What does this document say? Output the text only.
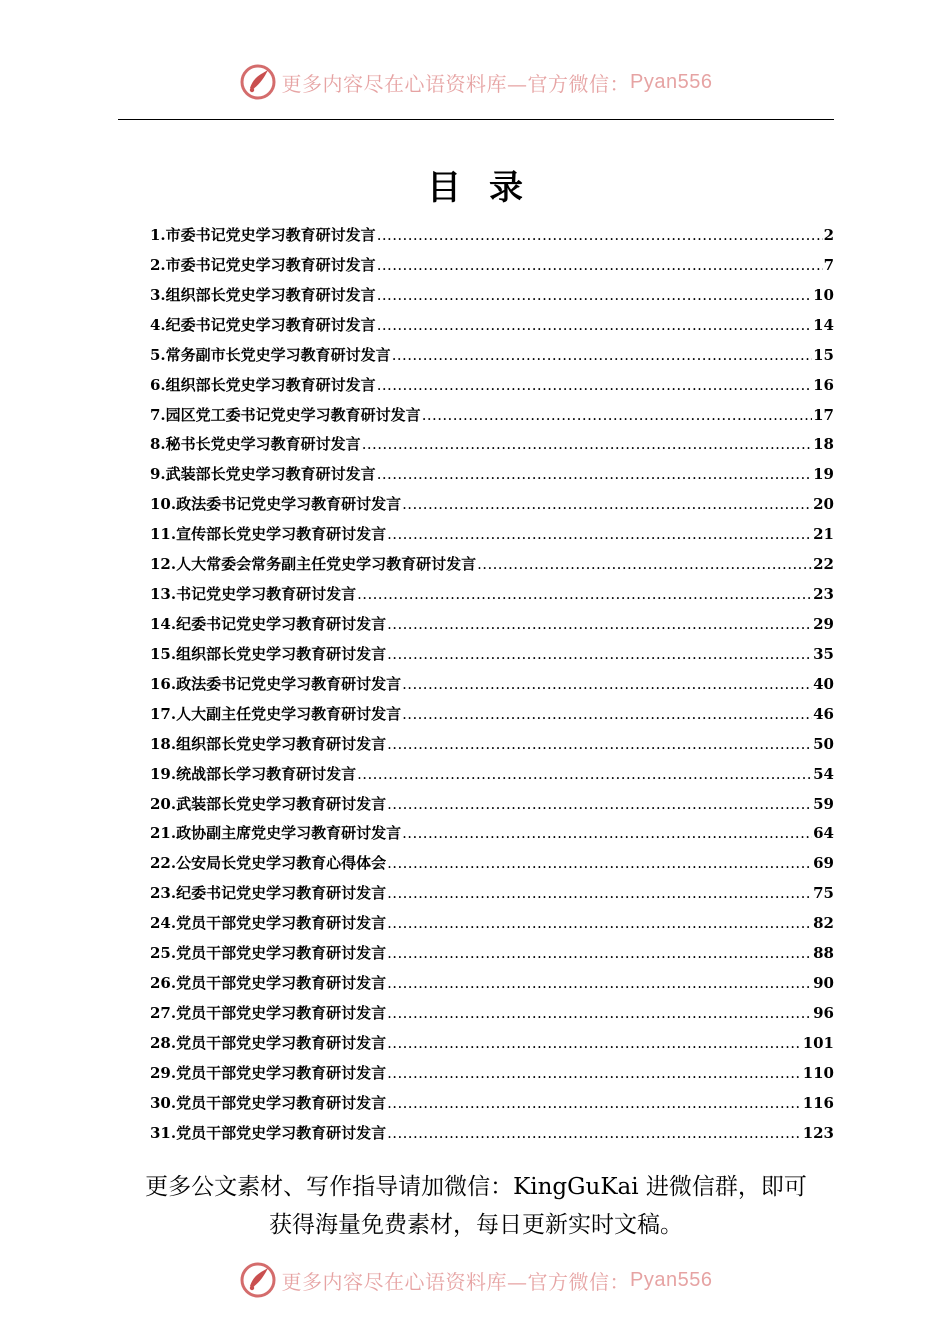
更多内容尽在心语资料库—官方微信： Pyan556
目录
1. 市委书记党史学习教育研讨发言 .....	2
2. 市委书记党史学习教育研讨发言 .....	7
3. 组织部长党史学习教育研讨发言 .....	10
4. 纪委书记党史学习教育研讨发言 .....	14
5. 常务副市长党史学习教育研讨发言 .....	15
6. 组织部长党史学习教育研讨发言 .....	16
7. 园区党工委书记党史学习教育研讨发言 .....	17
8. 秘书长党史学习教育研讨发言 .....	18
9. 武装部长党史学习教育研讨发言 .....	19
10. 政法委书记党史学习教育研讨发言 .....	20
11. 宣传部长党史学习教育研讨发言 .....	21
12. 人大常委会常务副主任党史学习教育研讨发言 .....	22
13. 书记党史学习教育研讨发言 .....	23
14. 纪委书记党史学习教育研讨发言 .....	29
15. 组织部长党史学习教育研讨发言 .....	35
16. 政法委书记党史学习教育研讨发言 .....	40
17. 人大副主任党史学习教育研讨发言 .....	46
18. 组织部长党史学习教育研讨发言 .....	50
19. 统战部长学习教育研讨发言 .....	54
20. 武装部长党史学习教育研讨发言 .....	59
21. 政协副主席党史学习教育研讨发言 .....	64
22. 公安局长党史学习教育心得体会 .....	69
23. 纪委书记党史学习教育研讨发言 .....	75
24. 党员干部党史学习教育研讨发言 .....	82
25. 党员干部党史学习教育研讨发言 .....	88
26. 党员干部党史学习教育研讨发言 .....	90
27. 党员干部党史学习教育研讨发言 .....	96
28. 党员干部党史学习教育研讨发言 .....	101
29. 党员干部党史学习教育研讨发言 .....	110
30. 党员干部党史学习教育研讨发言 .....	116
31. 党员干部党史学习教育研讨发言 .....	123
更多公文素材、写作指导请加微信：KingGuKai 进微信群，即可
获得海量免费素材，每日更新实时文稿。
更多内容尽在心语资料库—官方微信： Pyan556
